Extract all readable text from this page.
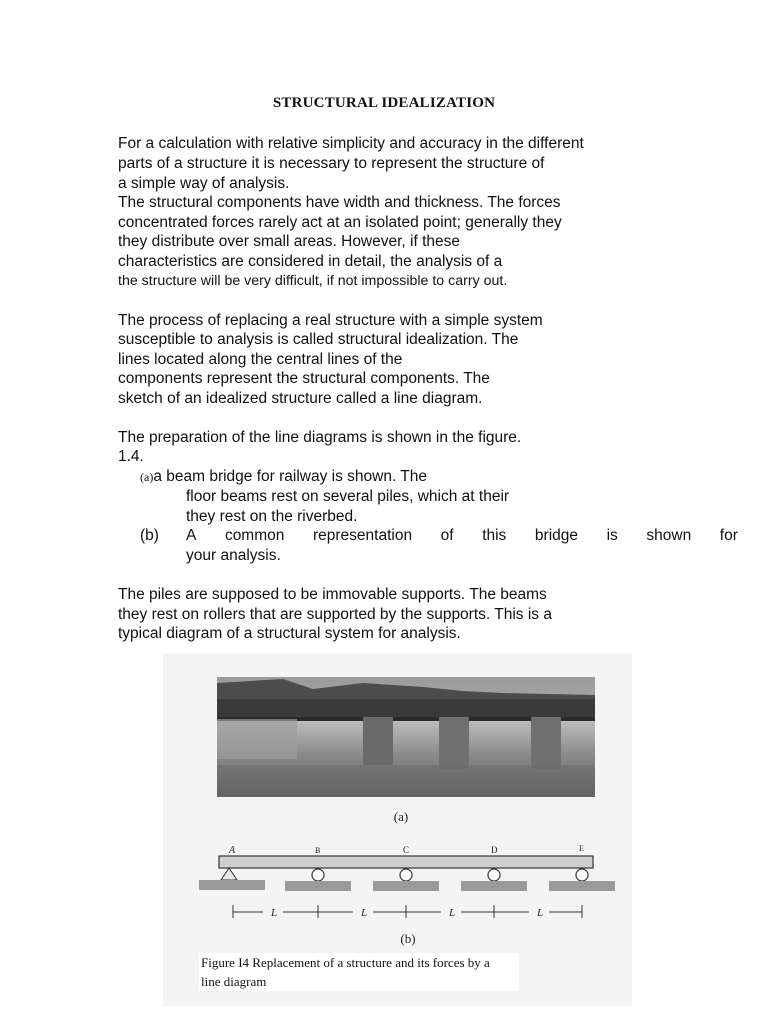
STRUCTURAL IDEALIZATION
For a calculation with relative simplicity and accuracy in the different
parts of a structure it is necessary to represent the structure of
a simple way of analysis.
The structural components have width and thickness. The forces
concentrated forces rarely act at an isolated point; generally they
they distribute over small areas. However, if these
characteristics are considered in detail, the analysis of a
the structure will be very difficult, if not impossible to carry out.
The process of replacing a real structure with a simple system
susceptible to analysis is called structural idealization. The
lines located along the central lines of the
components represent the structural components. The
sketch of an idealized structure called a line diagram.
The preparation of the line diagrams is shown in the figure.
1.4.
(a)a beam bridge for railway is shown. The
floor beams rest on several piles, which at their
they rest on the riverbed.
(b) A common representation of this bridge is shown for
your analysis.
The piles are supposed to be immovable supports. The beams
they rest on rollers that are supported by the supports. This is a
typical diagram of a structural system for analysis.
(a)
A	B	C	D	E
L	L	L	L
(b)
Figure I4 Replacement of a structure and its forces by a
line diagram
